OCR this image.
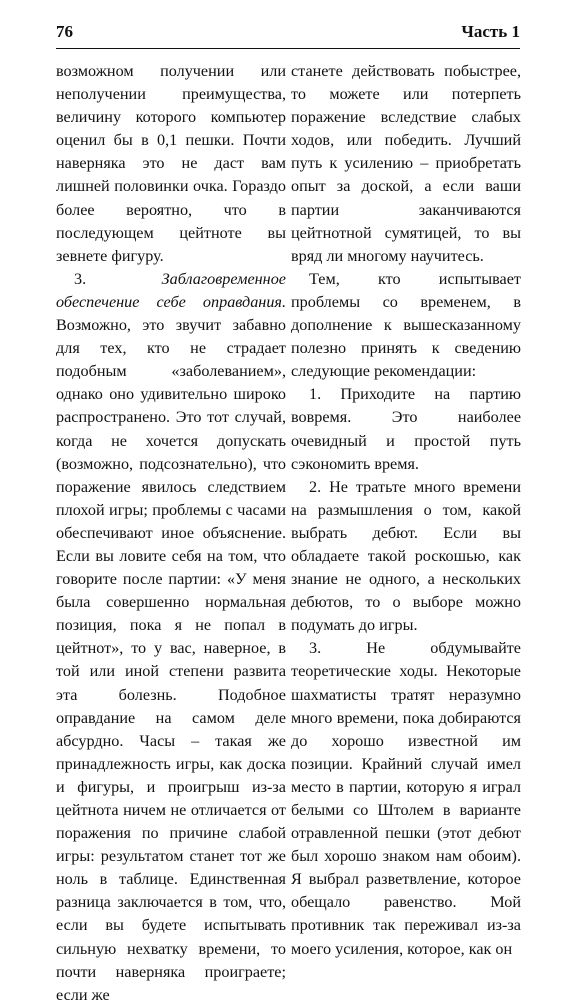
76	Часть 1

возможном получении или неполучении преимущества, величину которого компьютер оценил бы в 0,1 пешки. Почти наверняка это не даст вам лишней половинки очка. Гораздо более вероятно, что в последующем цейтноте вы зевнете фигуру.

3. Заблаговременное обеспечение себе оправдания. Возможно, это звучит забавно для тех, кто не страдает подобным «заболеванием», однако оно удивительно широко распространено. Это тот случай, когда не хочется допускать (возможно, подсознательно), что поражение явилось следствием плохой игры; проблемы с часами обеспечивают иное объяснение. Если вы ловите себя на том, что говорите после партии: «У меня была совершенно нормальная позиция, пока я не попал в цейтнот», то у вас, наверное, в той или иной степени развита эта болезнь. Подобное оправдание на самом деле абсурдно. Часы – такая же принадлежность игры, как доска и фигуры, и проигрыш из-за цейтнота ничем не отличается от поражения по причине слабой игры: результатом станет тот же ноль в таблице. Единственная разница заключается в том, что, если вы будете испытывать сильную нехватку времени, то почти наверняка проиграете; если же

станете действовать побыстрее, то можете или потерпеть поражение вследствие слабых ходов, или победить. Лучший путь к усилению – приобретать опыт за доской, а если ваши партии заканчиваются цейтнотной сумятицей, то вы вряд ли многому научитесь.

Тем, кто испытывает проблемы со временем, в дополнение к вышесказанному полезно принять к сведению следующие рекомендации:

1. Приходите на партию вовремя. Это наиболее очевидный и простой путь сэкономить время.

2. Не тратьте много времени на размышления о том, какой выбрать дебют. Если вы обладаете такой роскошью, как знание не одного, а нескольких дебютов, то о выборе можно подумать до игры.

3. Не обдумывайте теоретические ходы. Некоторые шахматисты тратят неразумно много времени, пока добираются до хорошо известной им позиции. Крайний случай имел место в партии, которую я играл белыми со Штолем в варианте отравленной пешки (этот дебют был хорошо знаком нам обоим). Я выбрал разветвление, которое обещало равенство. Мой противник так переживал из-за моего усиления, которое, как он
